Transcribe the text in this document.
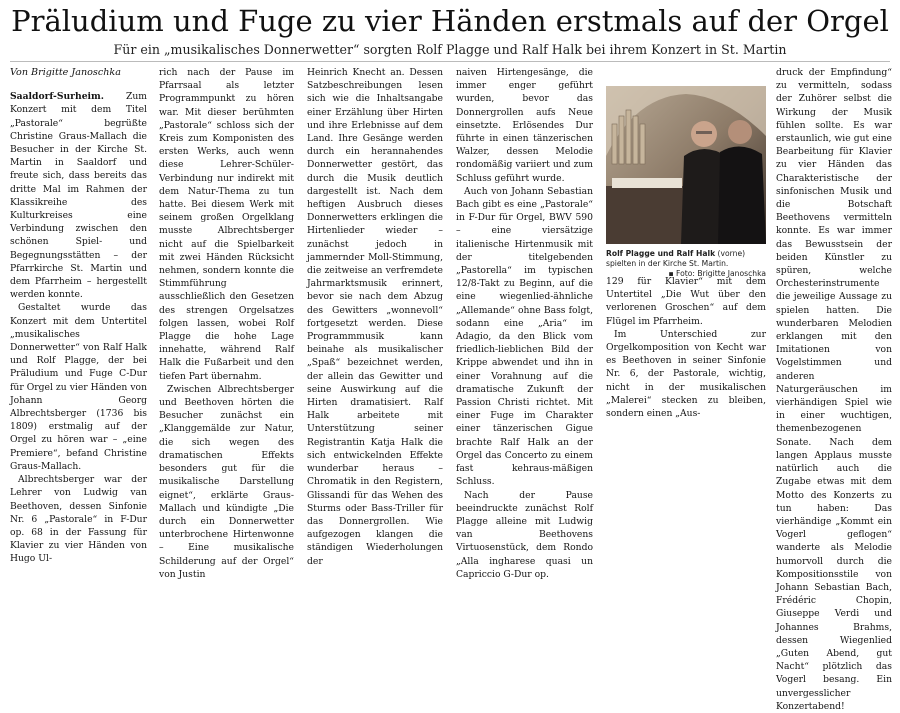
Präludium und Fuge zu vier Händen erstmals auf der Orgel
Für ein „musikalisches Donnerwetter“ sorgten Rolf Plagge und Ralf Halk bei ihrem Konzert in St. Martin
Von Brigitte Janoschka

Saaldorf-Surheim. Zum Konzert mit dem Titel „Pastorale“ begrüßte Christine Graus-Mallach die Besucher in der Kirche St. Martin in Saaldorf und freute sich, dass bereits das dritte Mal im Rahmen der Klassikreihe des Kulturkreises eine Verbindung zwischen den schönen Spiel- und Begegnungsstätten – der Pfarrkirche St. Martin und dem Pfarrheim – hergestellt werden konnte.

Gestaltet wurde das Konzert mit dem Untertitel „musikalisches Donnerwetter“ von Ralf Halk und Rolf Plagge, der bei Präludium und Fuge C-Dur für Orgel zu vier Händen von Johann Georg Albrechtsberger (1736 bis 1809) erstmalig auf der Orgel zu hören war – „eine Premiere“, befand Christine Graus-Mallach.

Albrechtsberger war der Lehrer von Ludwig van Beethoven, dessen Sinfonie Nr. 6 „Pastorale“ in F-Dur op. 68 in der Fassung für Klavier zu vier Händen von Hugo Ul-

rich nach der Pause im Pfarrsaal als letzter Programmpunkt zu hören war. Mit dieser berühmten „Pastorale“ schloss sich der Kreis zum Komponisten des ersten Werks, auch wenn diese Lehrer-Schüler-Verbindung nur indirekt mit dem Natur-Thema zu tun hatte. Bei diesem Werk mit seinem großen Orgelklang musste Albrechtsberger nicht auf die Spielbarkeit mit zwei Händen Rücksicht nehmen, sondern konnte die Stimmführung ausschließlich den Gesetzen des strengen Orgelsatzes folgen lassen, wobei Rolf Plagge die hohe Lage innehatte, während Ralf Halk die Fußarbeit und den tiefen Part übernahm.

Zwischen Albrechtsberger und Beethoven hörten die Besucher zunächst ein „Klanggemälde zur Natur, die sich wegen des dramatischen Effekts besonders gut für die musikalische Darstellung eignet“, erklärte Graus-Mallach und kündigte „Die durch ein Donnerwetter unterbrochene Hirtenwonne – Eine musikalische Schilderung auf der Orgel“ von Justin

Heinrich Knecht an. Dessen Satzbeschreibungen lesen sich wie die Inhaltsangabe einer Erzählung über Hirten und ihre Erlebnisse auf dem Land. Ihre Gesänge werden durch ein herannahendes Donnerwetter gestört, das durch die Musik deutlich dargestellt ist. Nach dem heftigen Ausbruch dieses Donnerwetters erklingen die Hirtenlieder wieder – zunächst jedoch in jammernder Moll-Stimmung, die zeitweise an verfremdete Jahrmarktsmusik erinnert, bevor sie nach dem Abzug des Gewitters „wonnevoll“ fortgesetzt werden. Diese Programmmusik kann beinahe als musikalischer „Spaß“ bezeichnet werden, der allein das Gewitter und seine Auswirkung auf die Hirten dramatisiert. Ralf Halk arbeitete mit Unterstützung seiner Registrantin Katja Halk die sich entwickelnden Effekte wunderbar heraus – Chromatik in den Registern, Glissandi für das Wehen des Sturms oder Bass-Triller für das Donnergrollen. Wie aufgezogen klangen die ständigen Wiederholungen der

naiven Hirtengesänge, die immer enger geführt wurden, bevor das Donnergrollen aufs Neue einsetzte. Erlösendes Dur führte in einen tänzerischen Walzer, dessen Melodie rondomäßig variiert und zum Schluss geführt wurde.

Auch von Johann Sebastian Bach gibt es eine „Pastorale“ in F-Dur für Orgel, BWV 590 – eine viersätzige italienische Hirtenmusik mit der titelgebenden „Pastorella“ im typischen 12/8-Takt zu Beginn, auf die eine wiegenlied-ähnliche „Allemande“ ohne Bass folgt, sodann eine „Aria“ im Adagio, da den Blick vom friedlich-lieblichen Bild der Krippe abwendet und ihn in einer Vorahnung auf die dramatische Zukunft der Passion Christi richtet. Mit einer Fuge im Charakter einer tänzerischen Gigue brachte Ralf Halk an der Orgel das Concerto zu einem fast kehraus-mäßigen Schluss.

Nach der Pause beeindruckte zunächst Rolf Plagge alleine mit Ludwig van Beethovens Virtuosenstück, dem Rondo „Alla ingharese quasi un Capriccio G-Dur op.

Rolf Plagge und Ralf Halk (vorne) spielten in der Kirche St. Martin.
▪ Foto: Brigitte Janoschka

129 für Klavier“ mit dem Untertitel „Die Wut über den verlorenen Groschen“ auf dem Flügel im Pfarrheim.

Im Unterschied zur Orgelkomposition von Kecht war es Beethoven in seiner Sinfonie Nr. 6, der Pastorale, wichtig, nicht in der musikalischen „Malerei“ stecken zu bleiben, sondern einen „Aus-

druck der Empfindung“ zu vermitteln, sodass der Zuhörer selbst die Wirkung der Musik fühlen sollte. Es war erstaunlich, wie gut eine Bearbeitung für Klavier zu vier Händen das Charakteristische der sinfonischen Musik und die Botschaft Beethovens vermitteln konnte. Es war immer das Bewusstsein der beiden Künstler zu spüren, welche Orchesterinstrumente die jeweilige Aussage zu spielen hatten. Die wunderbaren Melodien erklangen mit den Imitationen von Vogelstimmen und anderen Naturgeräuschen im vierhändigen Spiel wie in einer wuchtigen, themenbezogenen Sonate. Nach dem langen Applaus musste natürlich auch die Zugabe etwas mit dem Motto des Konzerts zu tun haben: Das vierhändige „Kommt ein Vogerl geflogen“ wanderte als Melodie humorvoll durch die Kompositionsstile von Johann Sebastian Bach, Frédéric Chopin, Giuseppe Verdi und Johannes Brahms, dessen Wiegenlied „Guten Abend, gut Nacht“ plötzlich das Vogerl besang. Ein unvergesslicher Konzertabend!
